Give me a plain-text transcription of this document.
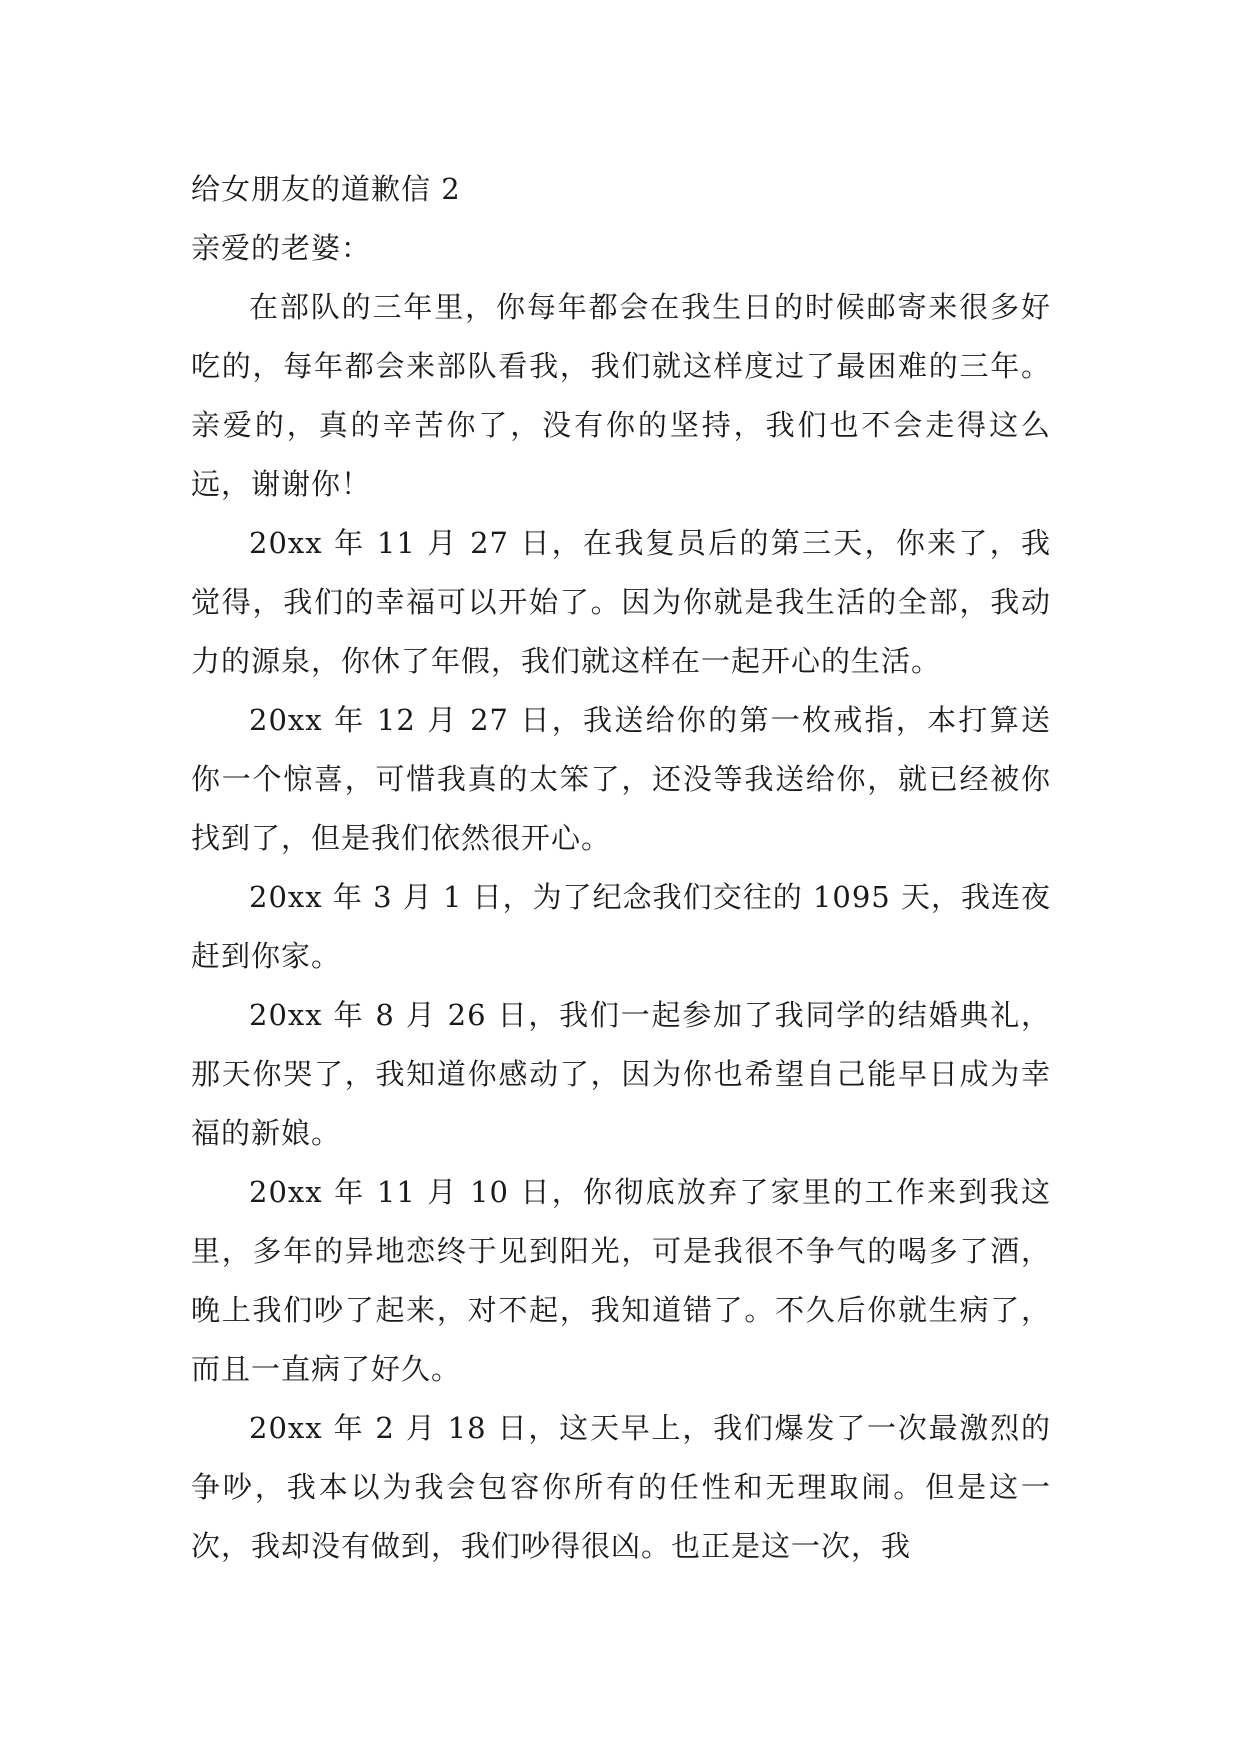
给女朋友的道歉信 2
亲爱的老婆：

在部队的三年里，你每年都会在我生日的时候邮寄来很多好吃的，每年都会来部队看我，我们就这样度过了最困难的三年。亲爱的，真的辛苦你了，没有你的坚持，我们也不会走得这么远，谢谢你！

20xx 年 11 月 27 日，在我复员后的第三天，你来了，我觉得，我们的幸福可以开始了。因为你就是我生活的全部，我动力的源泉，你休了年假，我们就这样在一起开心的生活。

20xx 年 12 月 27 日，我送给你的第一枚戒指，本打算送你一个惊喜，可惜我真的太笨了，还没等我送给你，就已经被你找到了，但是我们依然很开心。

20xx 年 3 月 1 日，为了纪念我们交往的 1095 天，我连夜赶到你家。

20xx 年 8 月 26 日，我们一起参加了我同学的结婚典礼，那天你哭了，我知道你感动了，因为你也希望自己能早日成为幸福的新娘。

20xx 年 11 月 10 日，你彻底放弃了家里的工作来到我这里，多年的异地恋终于见到阳光，可是我很不争气的喝多了酒，晚上我们吵了起来，对不起，我知道错了。不久后你就生病了，而且一直病了好久。

20xx 年 2 月 18 日，这天早上，我们爆发了一次最激烈的争吵，我本以为我会包容你所有的任性和无理取闹。但是这一次，我却没有做到，我们吵得很凶。也正是这一次，我
